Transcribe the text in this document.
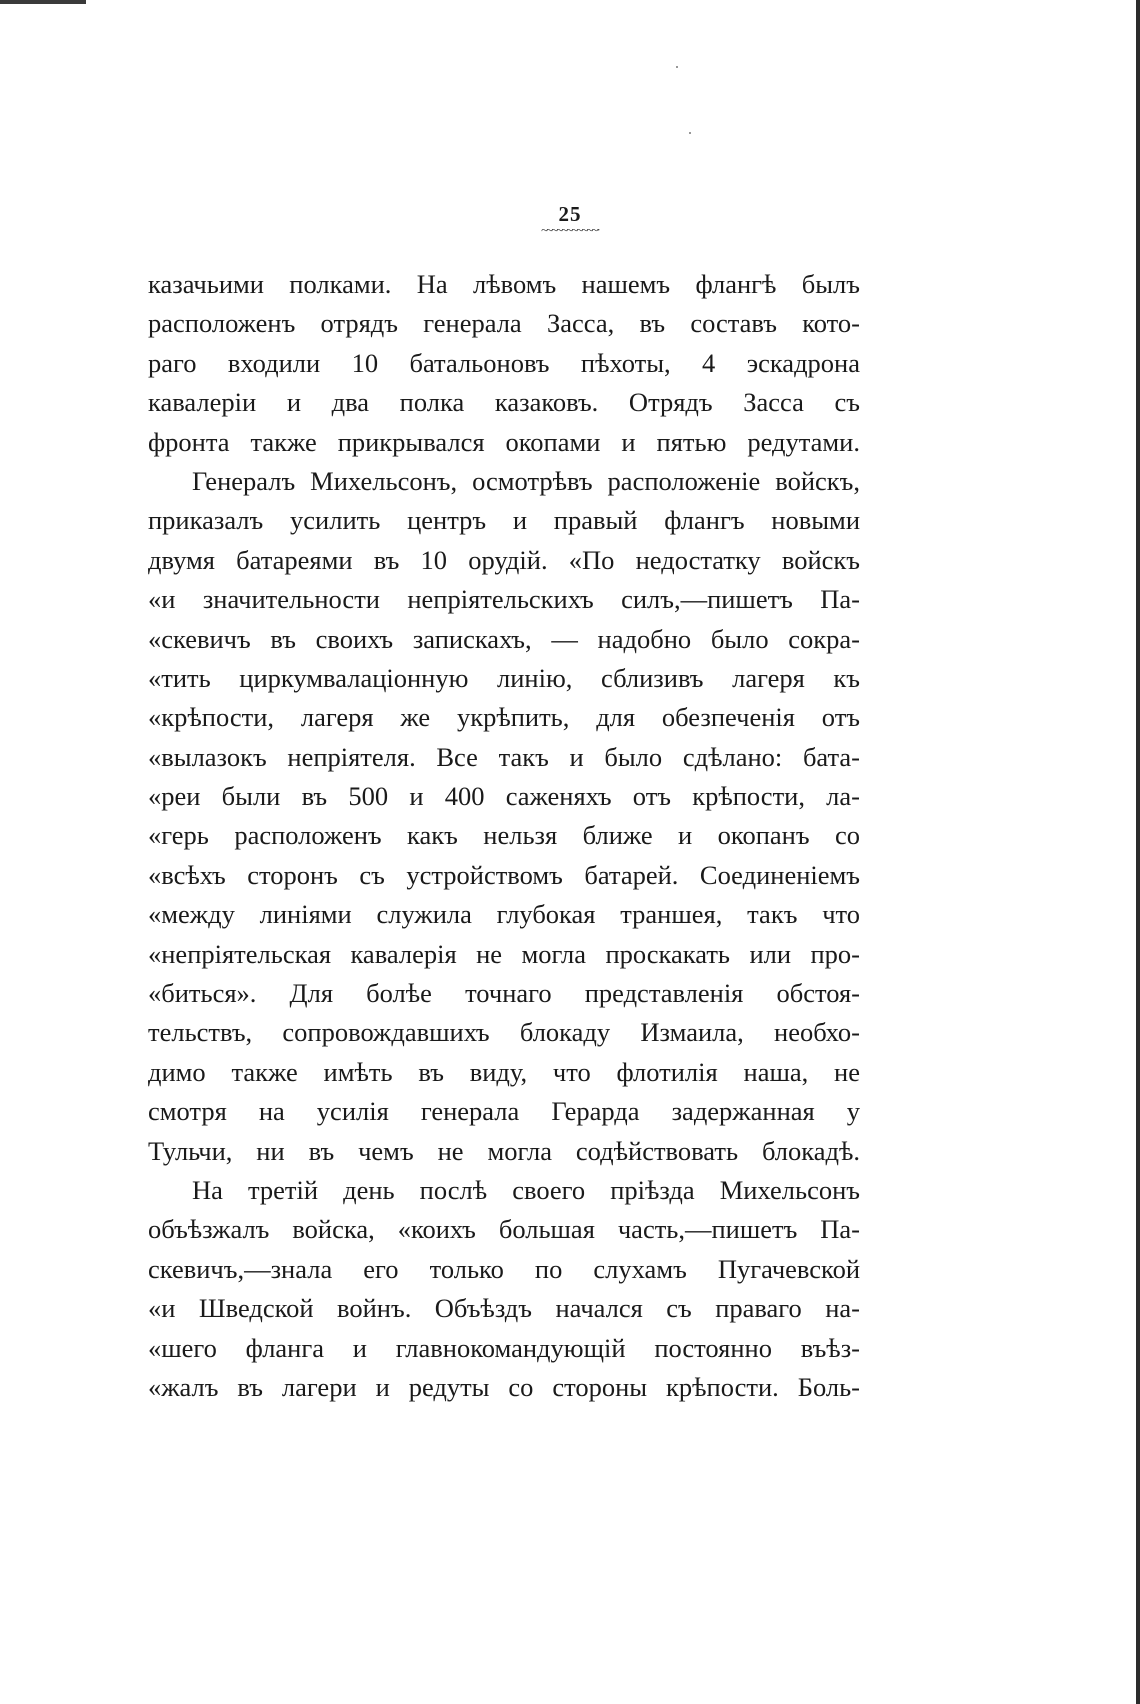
25
~~~~~~~~~~~·
казачьими полками. На лѣвомъ нашемъ флангѣ былъ
расположенъ отрядъ генерала Засса, въ составъ кото-
раго входили 10 батальоновъ пѣхоты, 4 эскадрона
кавалеріи и два полка казаковъ. Отрядъ Засса съ
фронта также прикрывался окопами и пятью редутами.
Генералъ Михельсонъ, осмотрѣвъ расположеніе войскъ,
приказалъ усилить центръ и правый флангъ новыми
двумя батареями въ 10 орудій. «По недостатку войскъ
«и значительности непріятельскихъ силъ,—пишетъ Па-
«скевичъ въ своихъ запискахъ, — надобно было сокра-
«тить циркумвалаціонную линію, сблизивъ лагеря къ
«крѣпости, лагеря же укрѣпить, для обезпеченія отъ
«вылазокъ непріятеля. Все такъ и было сдѣлано: бата-
«реи были въ 500 и 400 саженяхъ отъ крѣпости, ла-
«герь расположенъ какъ нельзя ближе и окопанъ со
«всѣхъ сторонъ съ устройствомъ батарей. Соединеніемъ
«между линіями служила глубокая траншея, такъ что
«непріятельская кавалерія не могла проскакать или про-
«биться». Для болѣе точнаго представленія обстоя-
тельствъ, сопровождавшихъ блокаду Измаила, необхо-
димо также имѣть въ виду, что флотилія наша, не
смотря на усилія генерала Герарда задержанная у
Тульчи, ни въ чемъ не могла содѣйствовать блокадѣ.
На третій день послѣ своего пріѣзда Михельсонъ
объѣзжалъ войска, «коихъ большая часть,—пишетъ Па-
скевичъ,—знала его только по слухамъ Пугачевской
«и Шведской войнъ. Объѣздъ начался съ праваго на-
«шего фланга и главнокомандующій постоянно въѣз-
«жалъ въ лагери и редуты со стороны крѣпости. Боль-
